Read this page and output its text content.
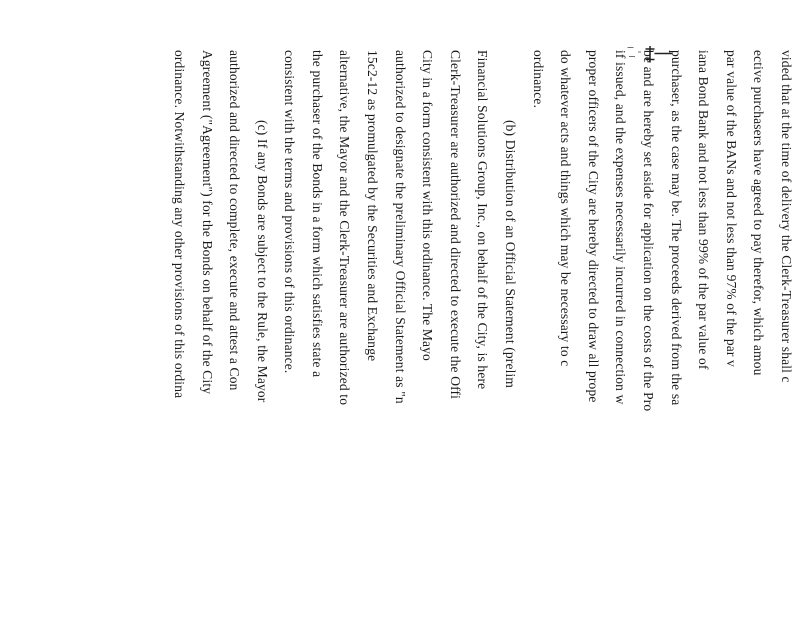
vided that at the time of delivery the Clerk-Treasurer shall c
ective purchasers have agreed to pay therefor, which amou
par value of the BANs and not less than 97% of the par v
iana Bond Bank and not less than 99% of the par value of
purchaser, as the case may be. The proceeds derived from the sa
be and are hereby set aside for application on the costs of the Pro
if issued, and the expenses necessarily incurred in connection w
proper officers of the City are hereby directed to draw all prope
do whatever acts and things which may be necessary to c
ordinance.
(b) Distribution of an Official Statement (prelim
Financial Solutions Group, Inc., on behalf of the City, is here
Clerk-Treasurer are authorized and directed to execute the Offi
City in a form consistent with this ordinance. The Mayo
authorized to designate the preliminary Official Statement as "n
15c2-12 as promulgated by the Securities and Exchange
alternative, the Mayor and the Clerk-Treasurer are authorized to
the purchaser of the Bonds in a form which satisfies state a
consistent with the terms and provisions of this ordinance.
(c) If any Bonds are subject to the Rule, the Mayor
authorized and directed to complete, execute and attest a Con
Agreement ("Agreement") for the Bonds on behalf of the City
ordinance. Notwithstanding any other provisions of this ordina
